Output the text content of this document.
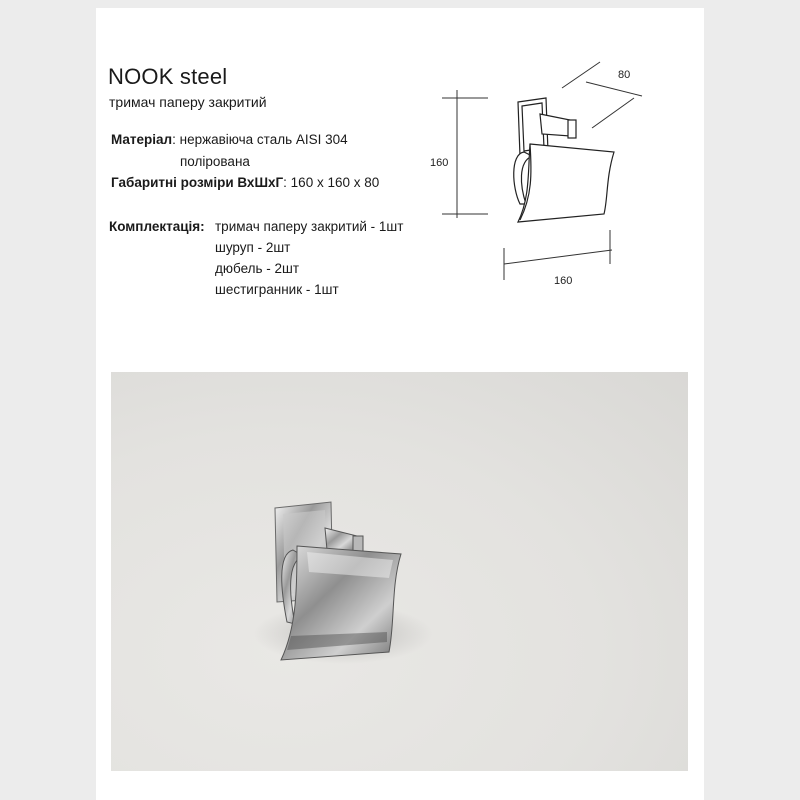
NOOK steel
тримач паперу закритий
Матеріал: нержавіюча сталь AISI 304
полірована
Габаритні розміри ВхШхГ: 160 х 160 х 80
Комплектація: тримач паперу закритий - 1шт
шуруп - 2шт
дюбель - 2шт
шестигранник - 1шт
160
160
80
